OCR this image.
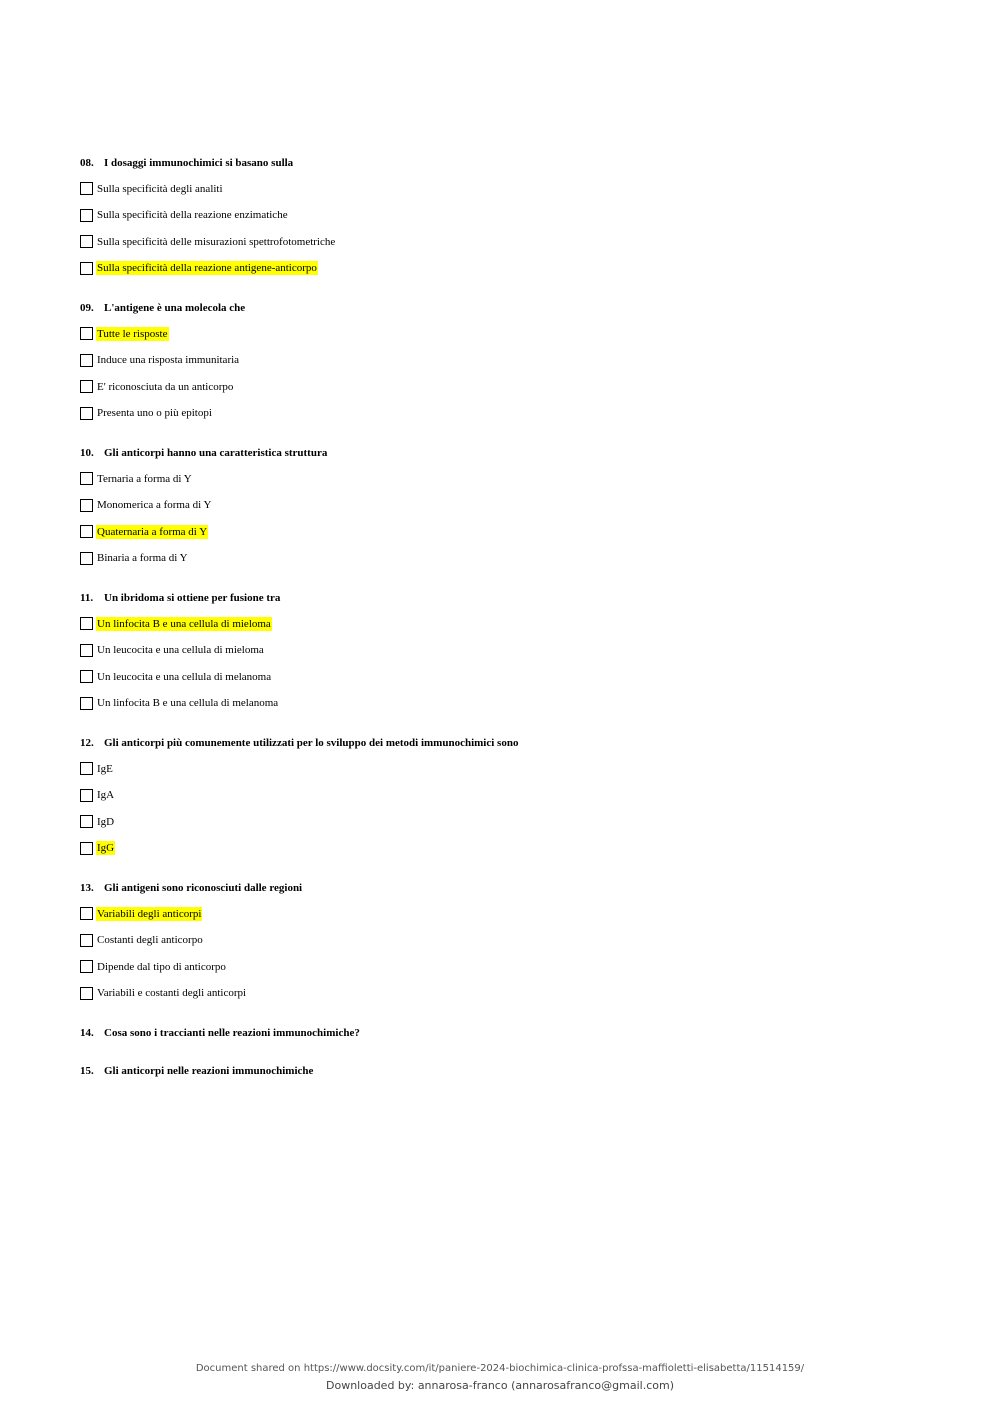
08. I dosaggi immunochimici si basano sulla

Sulla specificità degli analiti
Sulla specificità della reazione enzimatiche
Sulla specificità delle misurazioni spettrofotometriche
Sulla specificità della reazione antigene-anticorpo

09. L'antigene è una molecola che

Tutte le risposte
Induce una risposta immunitaria
E' riconosciuta da un anticorpo
Presenta uno o più epitopi

10. Gli anticorpi hanno una caratteristica struttura

Ternaria a forma di Y
Monomerica a forma di Y
Quaternaria a forma di Y
Binaria a forma di Y

11. Un ibridoma si ottiene per fusione tra

Un linfocita B e una cellula di mieloma
Un leucocita e una cellula di mieloma
Un leucocita e una cellula di melanoma
Un linfocita B e una cellula di melanoma

12. Gli anticorpi più comunemente utilizzati per lo sviluppo dei metodi immunochimici sono

IgE
IgA
IgD
IgG

13. Gli antigeni sono riconosciuti dalle regioni

Variabili degli anticorpi
Costanti degli anticorpo
Dipende dal tipo di anticorpo
Variabili e costanti degli anticorpi

14. Cosa sono i traccianti nelle reazioni immunochimiche?

15. Gli anticorpi nelle reazioni immunochimiche

Document shared on https://www.docsity.com/it/paniere-2024-biochimica-clinica-profssa-maffioletti-elisabetta/11514159/
Downloaded by: annarosa-franco (annarosafranco@gmail.com)
